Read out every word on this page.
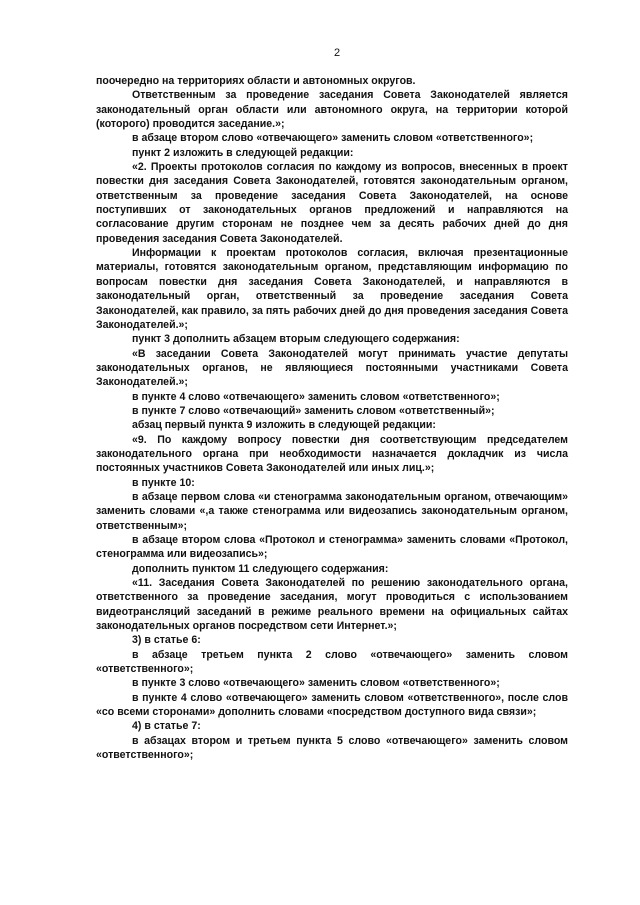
2

поочередно на территориях области и автономных округов.

Ответственным за проведение заседания Совета Законодателей является законодательный орган области или автономного округа, на территории которой (которого) проводится заседание.»;

в абзаце втором слово «отвечающего» заменить словом «ответственного»;

пункт 2 изложить в следующей редакции:

«2. Проекты протоколов согласия по каждому из вопросов, внесенных в проект повестки дня заседания Совета Законодателей, готовятся законодательным органом, ответственным за проведение заседания Совета Законодателей, на основе поступивших от законодательных органов предложений и направляются на согласование другим сторонам не позднее чем за десять рабочих дней до дня проведения заседания Совета Законодателей.

Информации к проектам протоколов согласия, включая презентационные материалы, готовятся законодательным органом, представляющим информацию по вопросам повестки дня заседания Совета Законодателей, и направляются в законодательный орган, ответственный за проведение заседания Совета Законодателей, как правило, за пять рабочих дней до дня проведения заседания Совета Законодателей.»;

пункт 3 дополнить абзацем вторым следующего содержания:

«В заседании Совета Законодателей могут принимать участие депутаты законодательных органов, не являющиеся постоянными участниками Совета Законодателей.»;

в пункте 4 слово «отвечающего» заменить словом «ответственного»;

в пункте 7 слово «отвечающий» заменить словом «ответственный»;

абзац первый пункта 9 изложить в следующей редакции:

«9. По каждому вопросу повестки дня соответствующим председателем законодательного органа при необходимости назначается докладчик из числа постоянных участников Совета Законодателей или иных лиц.»;

в пункте 10:

в абзаце первом слова «и стенограмма законодательным органом, отвечающим» заменить словами «,а также стенограмма или видеозапись законодательным органом, ответственным»;

в абзаце втором слова «Протокол и стенограмма» заменить словами «Протокол, стенограмма или видеозапись»;

дополнить пунктом 11 следующего содержания:

«11. Заседания Совета Законодателей по решению законодательного органа, ответственного за проведение заседания, могут проводиться с использованием видеотрансляций заседаний в режиме реального времени на официальных сайтах законодательных органов посредством сети Интернет.»;

3) в статье 6:

в абзаце третьем пункта 2 слово «отвечающего» заменить словом «ответственного»;

в пункте 3 слово «отвечающего» заменить словом «ответственного»;

в пункте 4 слово «отвечающего» заменить словом «ответственного», после слов «со всеми сторонами» дополнить словами «посредством доступного вида связи»;

4) в статье 7:

в абзацах втором и третьем пункта 5 слово «отвечающего» заменить словом «ответственного»;
